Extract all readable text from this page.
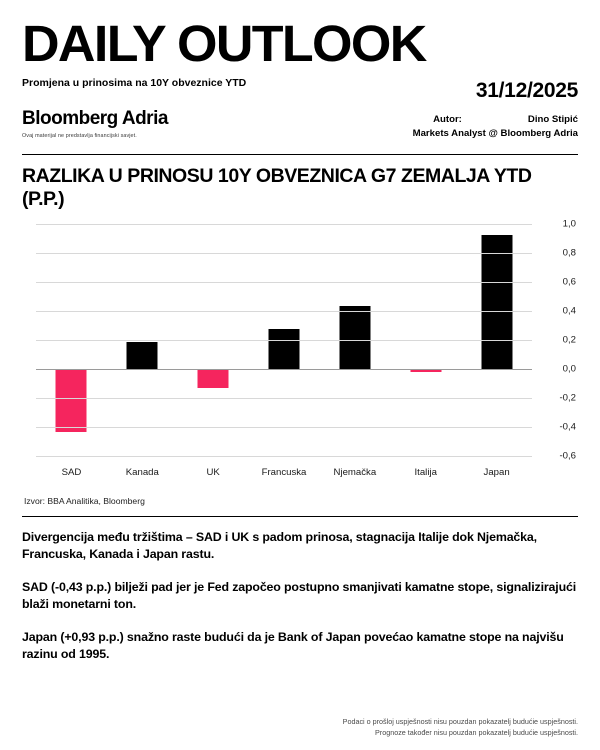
DAILY OUTLOOK
Promjena u prinosima na 10Y obveznice YTD	31/12/2025
Bloomberg Adria
Ovaj materijal ne predstavlja financijski savjet.
Autor:	Dino Stipić
Markets Analyst @ Bloomberg Adria
RAZLIKA U PRINOSU 10Y OBVEZNICA G7 ZEMALJA YTD (P.P.)
1,0
0,8
0,6
0,4
0,2
0,0
-0,2
-0,4
-0,6
SAD	Kanada	UK	Francuska	Njemačka	Italija	Japan
Izvor: BBA Analitika, Bloomberg
Divergencija među tržištima – SAD i UK s padom prinosa, stagnacija Italije dok Njemačka, Francuska, Kanada i Japan rastu.
SAD (-0,43 p.p.) bilježi pad jer je Fed započeo postupno smanjivati kamatne stope, signalizirajući blaži monetarni ton.
Japan (+0,93 p.p.) snažno raste budući da je Bank of Japan povećao kamatne stope na najvišu razinu od 1995.
Podaci o prošloj uspješnosti nisu pouzdan pokazatelj budućie uspješnosti.
Prognoze također nisu pouzdan pokazatelj budućie uspješnosti.
